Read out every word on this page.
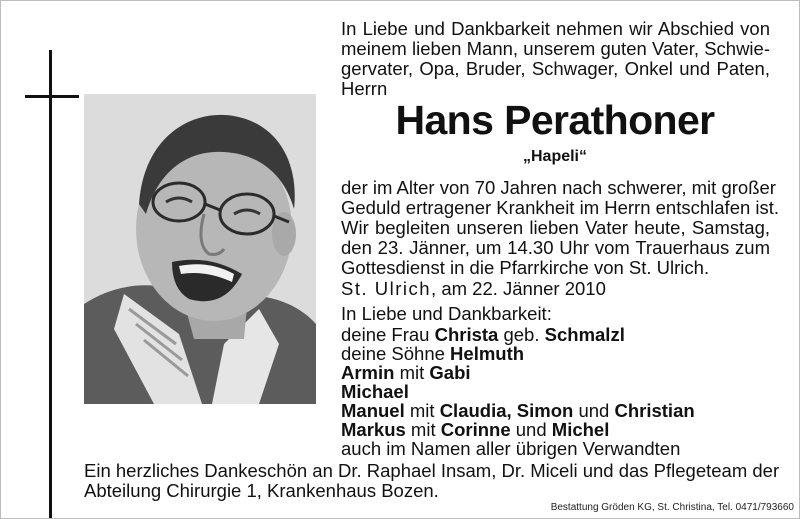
In Liebe und Dankbarkeit nehmen wir Abschied von
meinem lieben Mann, unserem guten Vater, Schwie-
gervater, Opa, Bruder, Schwager, Onkel und Paten,
Herrn
Hans Perathoner
„Hapeli“
der im Alter von 70 Jahren nach schwerer, mit großer
Geduld ertragener Krankheit im Herrn entschlafen ist.
Wir begleiten unseren lieben Vater heute, Samstag,
den 23. Jänner, um 14.30 Uhr vom Trauerhaus zum
Gottesdienst in die Pfarrkirche von St. Ulrich.
St. Ulrich, am 22. Jänner 2010
In Liebe und Dankbarkeit:
deine Frau Christa geb. Schmalzl
deine Söhne Helmuth
Armin mit Gabi
Michael
Manuel mit Claudia, Simon und Christian
Markus mit Corinne und Michel
auch im Namen aller übrigen Verwandten
Ein herzliches Dankeschön an Dr. Raphael Insam, Dr. Miceli und das Pflegeteam der
Abteilung Chirurgie 1, Krankenhaus Bozen.
Bestattung Gröden KG, St. Christina, Tel. 0471/793660
